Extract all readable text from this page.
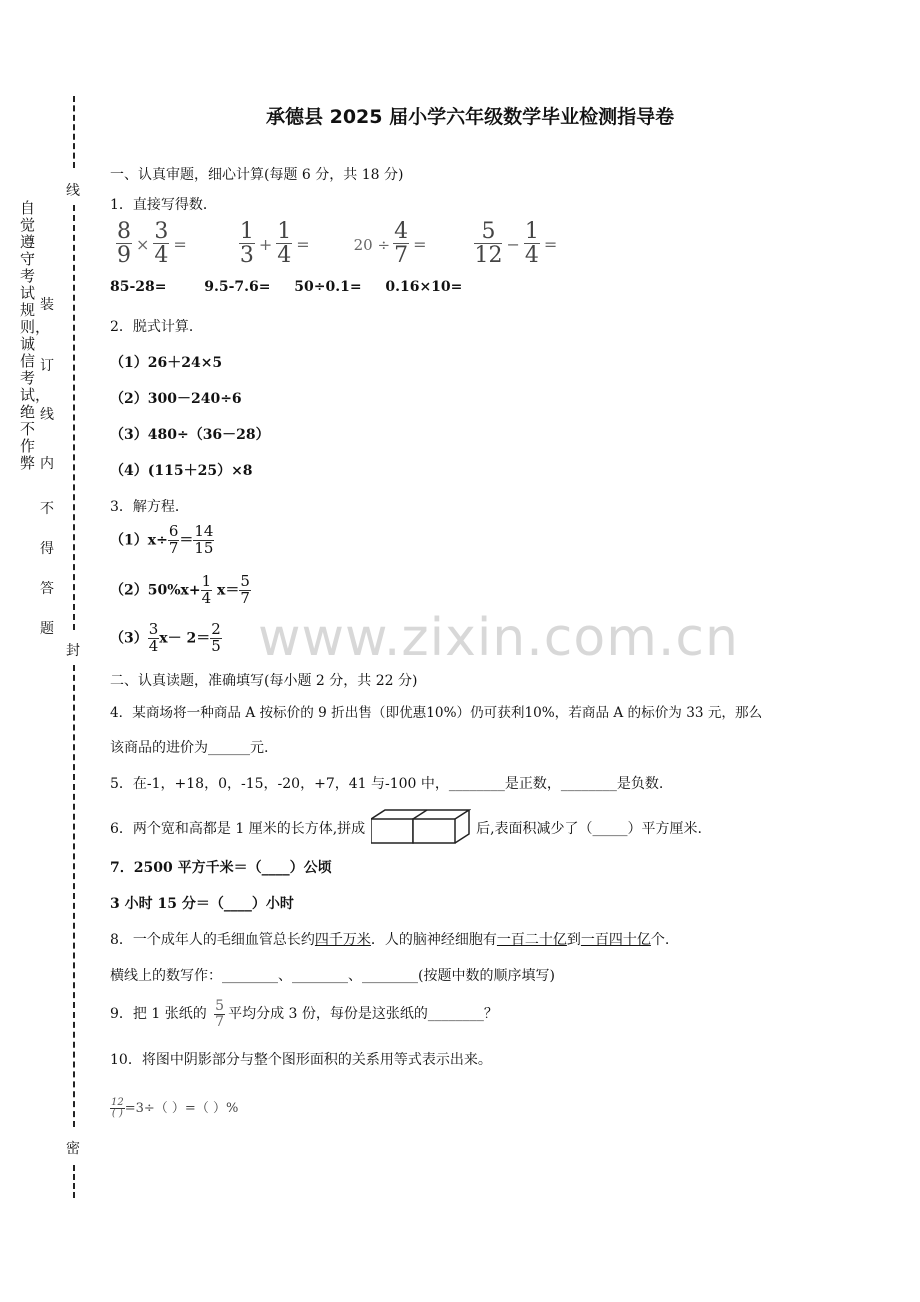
线
封
密
自觉遵守考试规则，诚信考试，绝不作弊
装
订
线
内
不
得
答
题
承德县 2025 届小学六年级数学毕业检测指导卷
一、认真审题，细心计算(每题 6 分，共 18 分)
1．直接写得数．
$\frac{8}{9} \times \frac{3}{4} = \frac{1}{3} + \frac{1}{4}$ =	$20 \div \frac{4}{7} = \frac{5}{12} - \frac{1}{4}$ =
85-28=	9.5-7.6= 50÷0.1= 0.16×10=
2．脱式计算．
（1）26＋24×5
（2）300－240÷6
（3）480÷（36－28）
（4）(115＋25）×8
3．解方程．
$(1)x\div \frac{6}{7} = \frac{14}{15}$
$(2)50\%x+ \frac{1}{4} x= \frac{5}{7}$
$(3) \frac{3}{4} x- 2= \frac{2}{5}$ www.zixin.com.cn
二、认真读题，准确填写(每小题 2 分，共 22 分)
4．某商场将一种商品 A 按标价的 9 折出售（即优惠10%）仍可获利10%，若商品 A 的标价为 33 元，那么
该商品的进价为______元.
5．在-1，+18，0，-15，-20，+7，41 与-100 中，________是正数，________是负数.
6．两个宽和高都是 1 厘米的长方体,拼成	后,表面积减少了（_____）平方厘米.
7．2500 平方千米＝（____）公顷
3 小时 15 分＝（____）小时
8．一个成年人的毛细血管总长约四千万米．人的脑神经细胞有一百二十亿到一百四十亿个.
横线上的数写作：________、________、________(按题中数的顺序填写)
9．把 1 张纸的 $\frac{5}{7}$ 平均分成 3 份，每份是这张纸的________？
10．将图中阴影部分与整个图形面积的关系用等式表示出来。
$\frac{12}{( )} =3\div$（ ）=（ ）%
